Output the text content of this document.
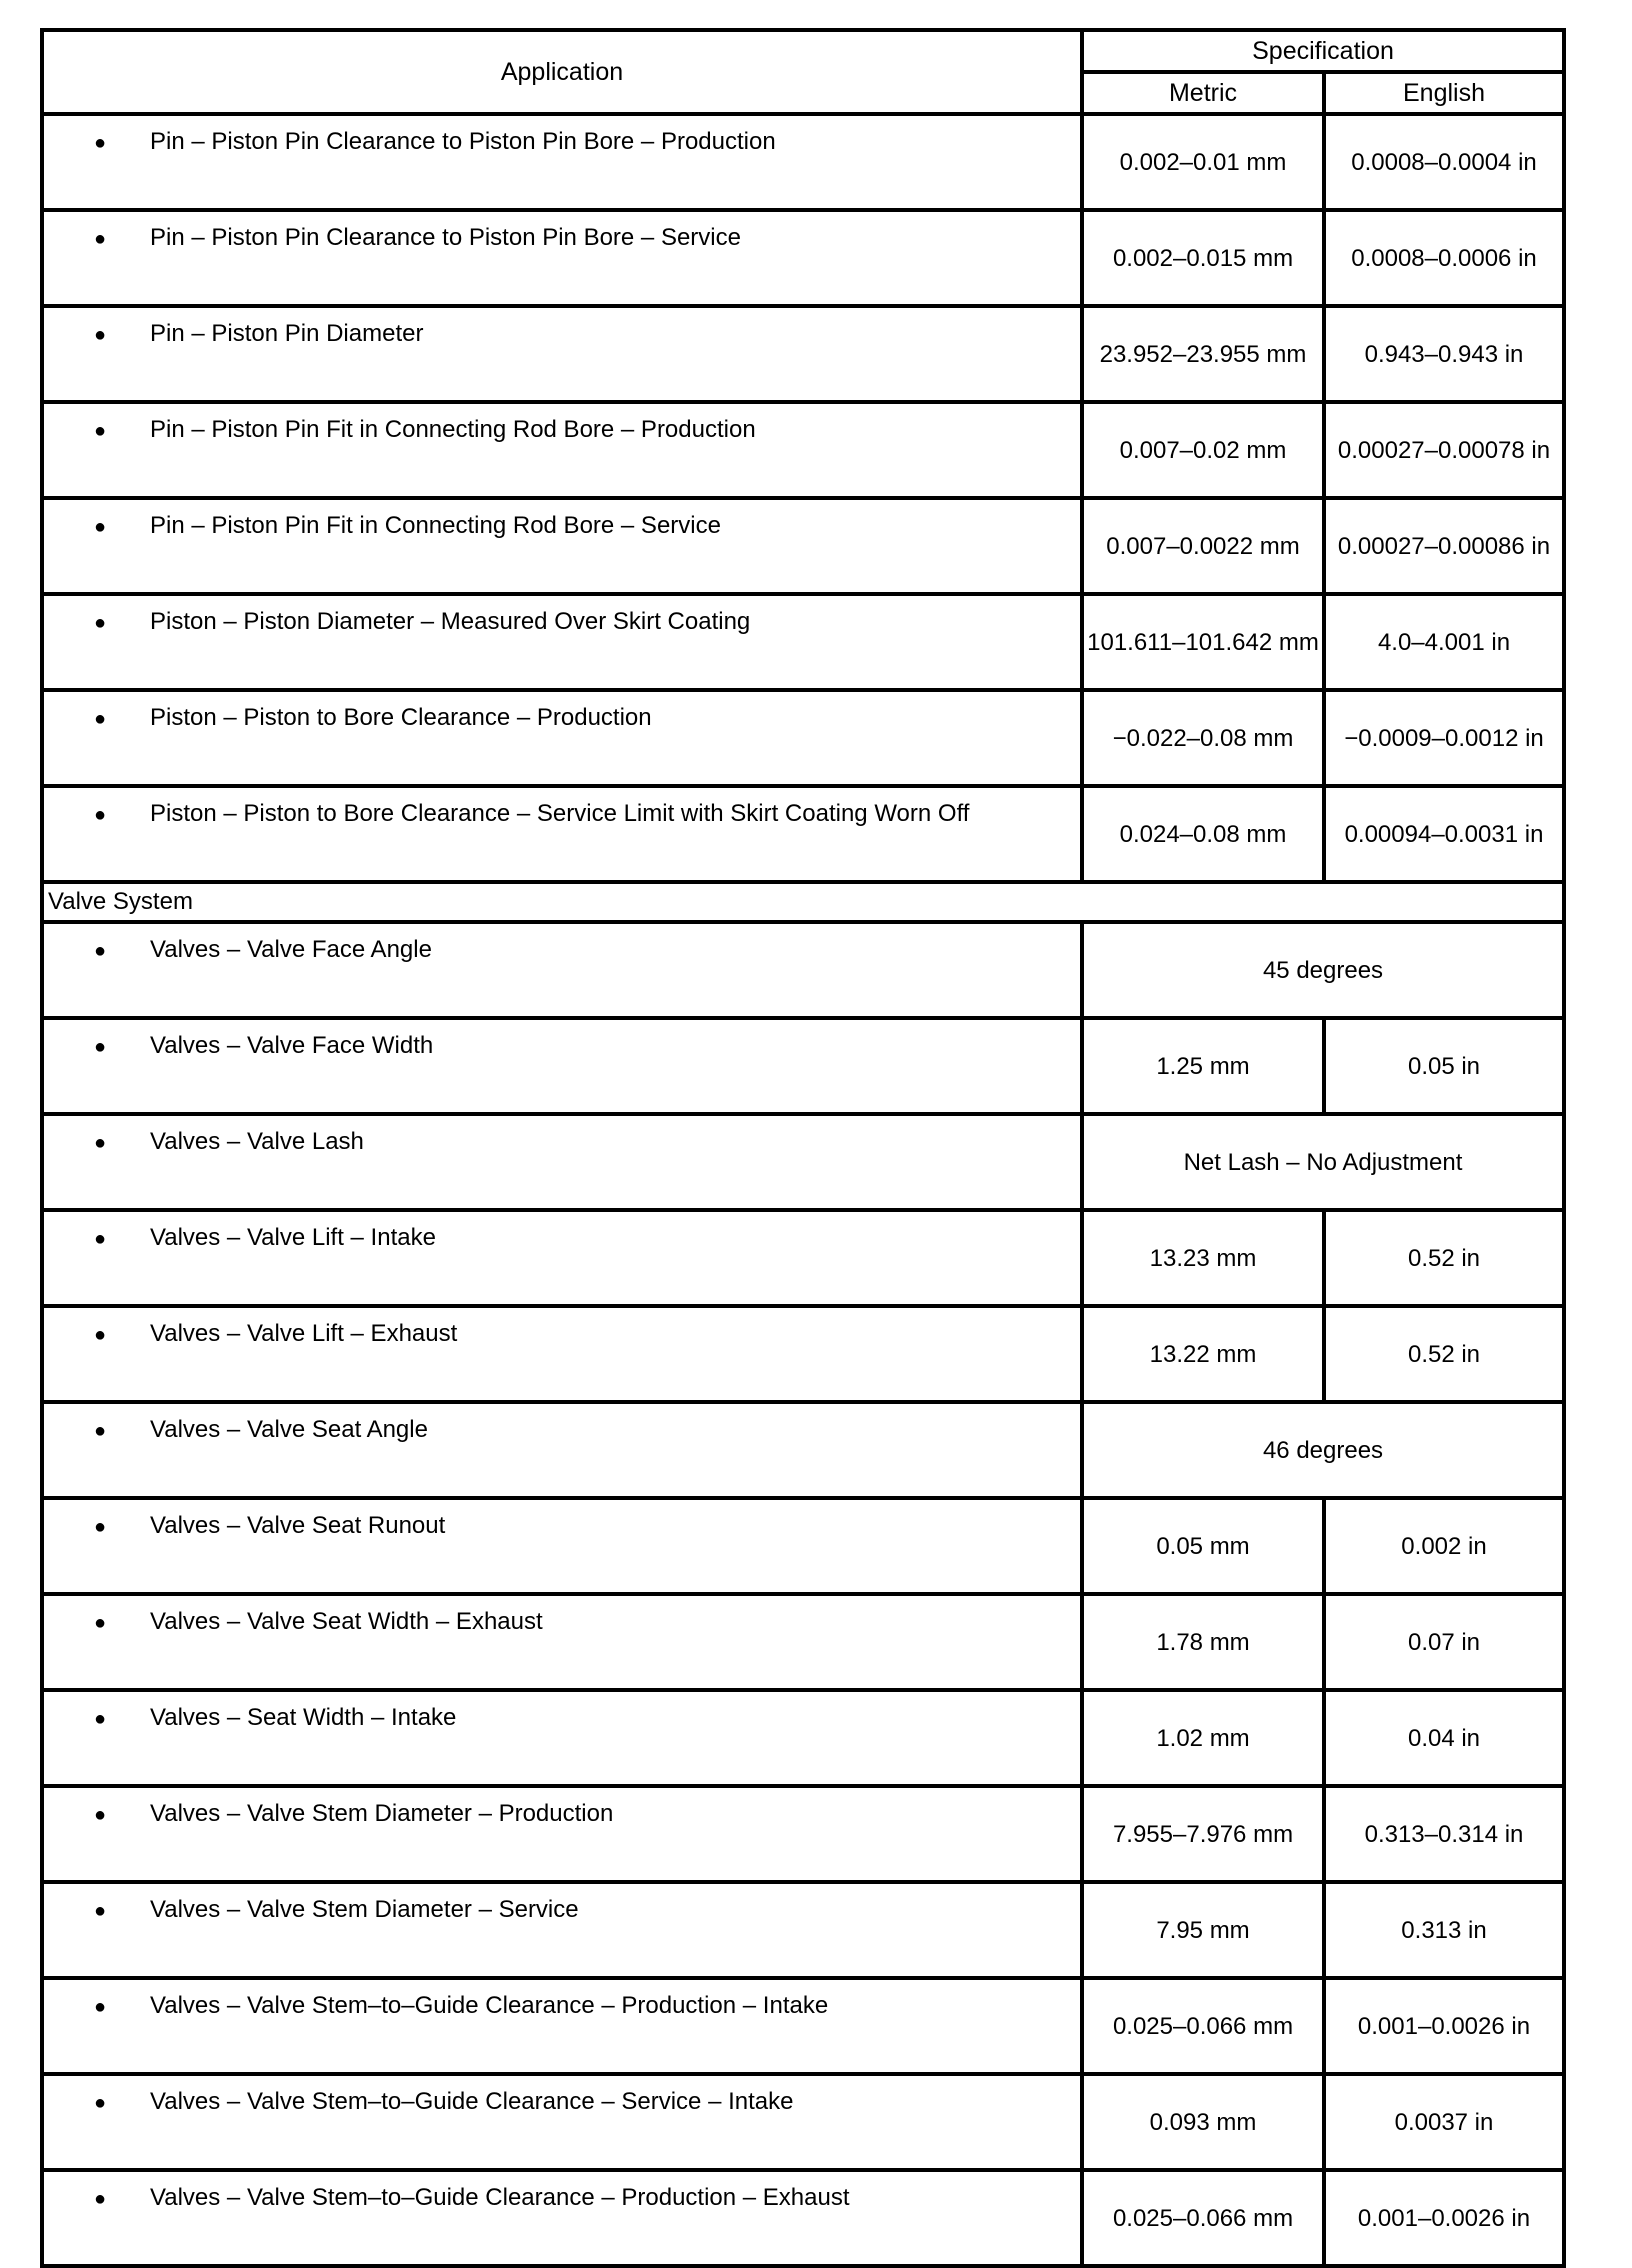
Application	Specification	
	Metric	English
● Pin – Piston Pin Clearance to Piston Pin Bore – Production	0.002–0.01 mm	0.0008–0.0004 in
● Pin – Piston Pin Clearance to Piston Pin Bore – Service	0.002–0.015 mm	0.0008–0.0006 in
● Pin – Piston Pin Diameter	23.952–23.955 mm	0.943–0.943 in
● Pin – Piston Pin Fit in Connecting Rod Bore – Production	0.007–0.02 mm	0.00027–0.00078 in
● Pin – Piston Pin Fit in Connecting Rod Bore – Service	0.007–0.0022 mm	0.00027–0.00086 in
● Piston – Piston Diameter – Measured Over Skirt Coating	101.611–101.642 mm	4.0–4.001 in
● Piston – Piston to Bore Clearance – Production	−0.022–0.08 mm	−0.0009–0.0012 in
● Piston – Piston to Bore Clearance – Service Limit with Skirt Coating Worn Off	0.024–0.08 mm	0.00094–0.0031 in
Valve System		
● Valves – Valve Face Angle	45 degrees	
● Valves – Valve Face Width	1.25 mm	0.05 in
● Valves – Valve Lash	Net Lash – No Adjustment	
● Valves – Valve Lift – Intake	13.23 mm	0.52 in
● Valves – Valve Lift – Exhaust	13.22 mm	0.52 in
● Valves – Valve Seat Angle	46 degrees	
● Valves – Valve Seat Runout	0.05 mm	0.002 in
● Valves – Valve Seat Width – Exhaust	1.78 mm	0.07 in
● Valves – Seat Width – Intake	1.02 mm	0.04 in
● Valves – Valve Stem Diameter – Production	7.955–7.976 mm	0.313–0.314 in
● Valves – Valve Stem Diameter – Service	7.95 mm	0.313 in
● Valves – Valve Stem–to–Guide Clearance – Production – Intake	0.025–0.066 mm	0.001–0.0026 in
● Valves – Valve Stem–to–Guide Clearance – Service – Intake	0.093 mm	0.0037 in
● Valves – Valve Stem–to–Guide Clearance – Production – Exhaust	0.025–0.066 mm	0.001–0.0026 in
